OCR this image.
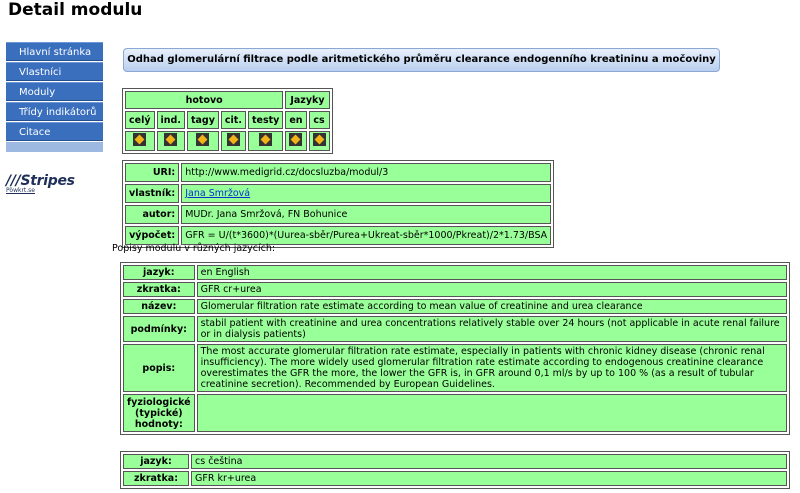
Detail modulu
Hlavní stránka
Vlastníci
Moduly
Třídy indikátorů
Citace
///Stripes
Pöwkrt.se
Odhad glomerulární filtrace podle aritmetického průměru clearance endogenního kreatininu a močoviny
hotovo					Jazyky	
celý	ind.	tagy	cit.	testy	en	cs

URI:	http://www.medigrid.cz/docsluzba/modul/3
vlastník:	Jana Smržová
autor:	MUDr. Jana Smržová, FN Bohunice
výpočet:	GFR = U/(t*3600)*(Uurea-sběr/Purea+Ukreat-sběr*1000/Pkreat)/2*1.73/BSA
Popisy modulu v různých jazycích:
jazyk:	en English
zkratka:	GFR cr+urea
název:	Glomerular filtration rate estimate according to mean value of creatinine and urea clearance
podmínky:	stabil patient with creatinine and urea concentrations relatively stable over 24 hours (not applicable in acute renal failure or in dialysis patients)
popis:	The most accurate glomerular filtration rate estimate, especially in patients with chronic kidney disease (chronic renal insufficiency). The more widely used glomerular filtration rate estimate according to endogenous creatinine clearance overestimates the GFR the more, the lower the GFR is, in GFR around 0,1 ml/s by up to 100 % (as a result of tubular creatinine secretion). Recommended by European Guidelines.
fyziologické (typické) hodnoty:	
jazyk:	cs čeština
zkratka:	GFR kr+urea
